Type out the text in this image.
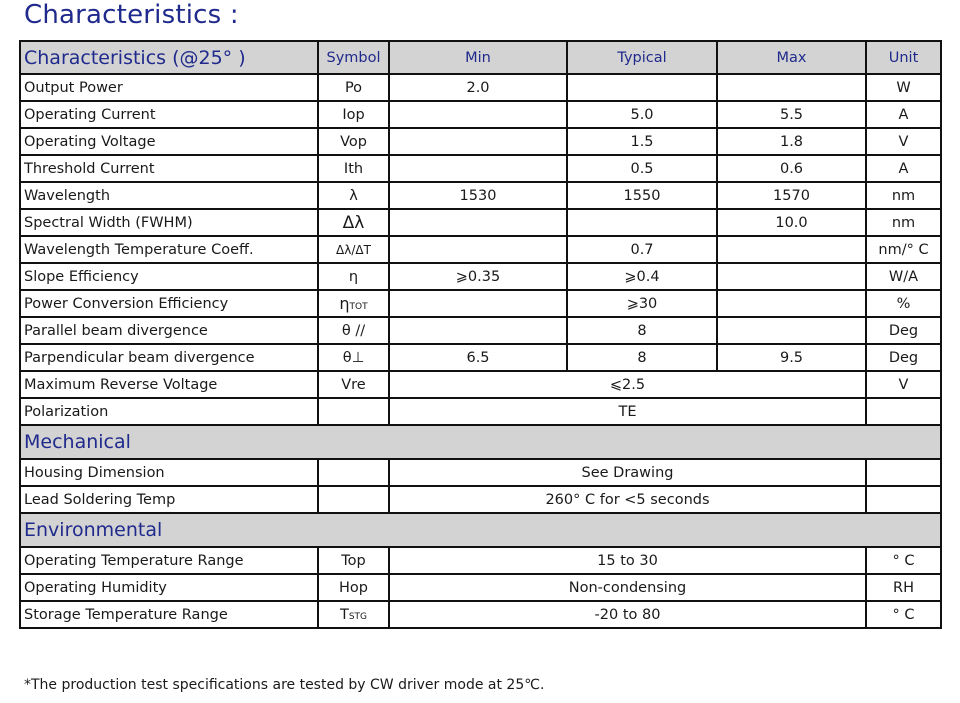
Characteristics :
Characteristics (@25° )	Symbol	Min	Typical	Max	Unit
Output Power	Po	2.0			W
Operating Current	Iop		5.0	5.5	A
Operating Voltage	Vop		1.5	1.8	V
Threshold Current	Ith		0.5	0.6	A
Wavelength	λ	1530	1550	1570	nm
Spectral Width (FWHM)	Δλ			10.0	nm
Wavelength Temperature Coeff.	Δλ/ΔT		0.7		nm/° C
Slope Efficiency	η	⩾0.35	⩾0.4		W/A
Power Conversion Efficiency	ηTOT		⩾30		%
Parallel beam divergence	θ //		8		Deg
Parpendicular beam divergence	θ⊥	6.5	8	9.5	Deg
Maximum Reverse Voltage	Vre	⩽2.5			V
Polarization		TE			
Mechanical					
Housing Dimension		See Drawing			
Lead Soldering Temp		260° C for <5 seconds			
Environmental					
Operating Temperature Range	Top	15 to 30			° C
Operating Humidity	Hop	Non-condensing			RH
Storage Temperature Range	TSTG	-20 to 80			° C
*The production test specifications are tested by CW driver mode at 25℃.
